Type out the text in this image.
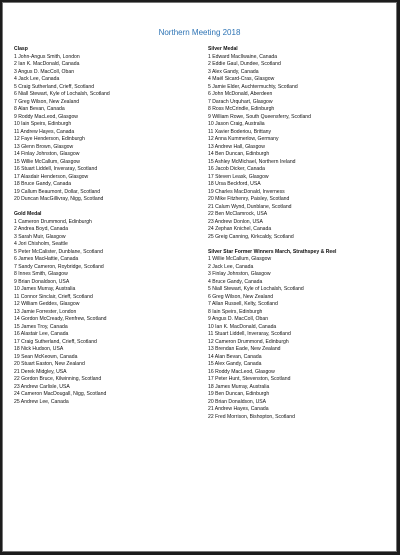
Northern Meeting 2018
Clasp
1 John-Angus Smith, London
2 Ian K. MacDonald, Canada
3 Angus D. MacColl, Oban
4 Jack Lee, Canada
5 Craig Sutherland, Crieff, Scotland
6 Niall Stewart, Kyle of Lochalsh, Scotland
7 Greg Wilson, New Zealand
8 Alan Bevan, Canada
9 Roddy MacLeod, Glasgow
10 Iain Speirs, Edinburgh
11 Andrew Hayes, Canada
12 Faye Henderson, Edinburgh
13 Glenn Brown, Glasgow
14 Finlay Johnston, Glasgow
15 Willie McCallum, Glasgow
16 Stuart Liddell, Inveraray, Scotland
17 Alasdair Henderson, Glasgow
18 Bruce Gandy, Canada
19 Callum Beaumont, Dollar, Scotland
20 Duncan MacGillivray, Nigg, Scotland
Gold Medal
1 Cameron Drummond, Edinburgh
2 Andrea Boyd, Canada
3 Sarah Muir, Glasgow
4 Jori Chisholm, Seattle
5 Peter McCalister, Dunblane, Scotland
6 James MacHattie, Canada
7 Sandy Cameron, Roybridge, Scotland
8 Innes Smith, Glasgow
9 Brian Donaldson, USA
10 James Murray, Australia
11 Connor Sinclair, Crieff, Scotland
12 William Geddes, Glasgow
13 Jamie Forrester, London
14 Gordon McCready, Renfrew, Scotland
15 James Troy, Canada
16 Alastair Lee, Canada
17 Craig Sutherland, Crieff, Scotland
18 Nick Hudson, USA
19 Sean McKeown, Canada
20 Stuart Easton, New Zealand
21 Derek Midgley, USA
22 Gordon Bruce, Kilwinning, Scotland
23 Andrew Carlisle, USA
24 Cameron MacDougall, Nigg, Scotland
25 Andrew Lee, Canada
Silver Medal
1 Edward MacIlwaine, Canada
2 Eddie Gaul, Dundee, Scotland
3 Alex Gandy, Canada
4 Maël Sicard-Cras, Glasgow
5 Jamie Elder, Auchtermuchty, Scotland
6 John McDonald, Aberdeen
7 Darach Urquhart, Glasgow
8 Ross McCrindle, Edinburgh
9 William Rowe, South Queensferry, Scotland
10 Jason Craig, Australia
11 Xavier Boderiou, Brittany
12 Anna Kummerlow, Germany
13 Andrew Hall, Glasgow
14 Ben Duncan, Edinburgh
15 Ashley McMichael, Northern Ireland
16 Jacob Dicker, Canada
17 Steven Leask, Glasgow
18 Ursa Beckford, USA
19 Charles MacDonald, Inverness
20 Mike Fitzhenry, Paisley, Scotland
21 Calum Wynd, Dunblane, Scotland
22 Ben McClamrock, USA
23 Andrew Donlon, USA
24 Zephan Knichel, Canada
25 Greig Canning, Kirkcaldy, Scotland
Silver Star Former Winners March, Strathspey & Reel
1 Willie McCallum, Glasgow
2 Jack Lee, Canada
3 Finlay Johnston, Glasgow
4 Bruce Gandy, Canada
5 Niall Stewart, Kyle of Lochalsh, Scotland
6 Greg Wilson, New Zealand
7 Allan Russell, Kelty, Scotland
8 Iain Speirs, Edinburgh
9 Angus D. MacColl, Oban
10 Ian K. MacDonald, Canada
11 Stuart Liddell, Inveraray, Scotland
12 Cameron Drummond, Edinburgh
13 Brendan Eade, New Zealand
14 Alan Bevan, Canada
15 Alex Gandy, Canada
16 Roddy MacLeod, Glasgow
17 Peter Hunt, Stevenston, Scotland
18 James Murray, Australia
19 Ben Duncan, Edinburgh
20 Brian Donaldson, USA
21 Andrew Hayes, Canada
22 Fred Morrison, Bishopton, Scotland
